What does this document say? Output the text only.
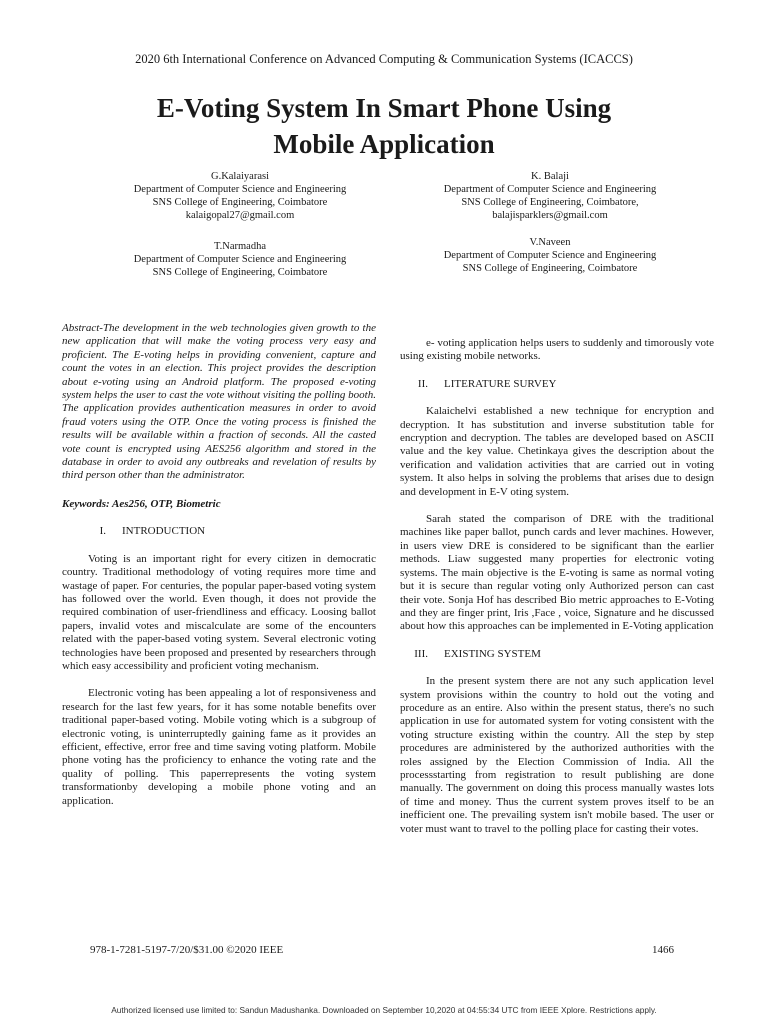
2020 6th International Conference on Advanced Computing & Communication Systems (ICACCS)
E-Voting System In Smart Phone Using
Mobile Application
G.Kalaiyarasi
Department of Computer Science and Engineering
SNS College of Engineering, Coimbatore
kalaigopal27@gmail.com
K. Balaji
Department of Computer Science and Engineering
SNS College of Engineering, Coimbatore,
balajisparklers@gmail.com
T.Narmadha
Department of Computer Science and Engineering
SNS College of Engineering, Coimbatore
V.Naveen
Department of Computer Science and Engineering
SNS College of Engineering, Coimbatore

Abstract-The development in the web technologies given growth to the new application that will make the voting process very easy and proficient. The E-voting helps in providing convenient, capture and count the votes in an election. This project provides the description about e-voting using an Android platform. The proposed e-voting system helps the user to cast the vote without visiting the polling booth. The application provides authentication measures in order to avoid fraud voters using the OTP. Once the voting process is finished the results will be available within a fraction of seconds. All the casted vote count is encrypted using AES256 algorithm and stored in the database in order to avoid any outbreaks and revelation of results by third person other than the administrator.

Keywords: Aes256, OTP, Biometric

I.	INTRODUCTION

Voting is an important right for every citizen in democratic country. Traditional methodology of voting requires more time and wastage of paper. For centuries, the popular paper-based voting system has followed over the world. Even though, it does not provide the required combination of user-friendliness and efficacy. Loosing ballot papers, invalid votes and miscalculate are some of the encounters related with the paper-based voting system. Several electronic voting technologies have been proposed and presented by researchers through which easy accessibility and proficient voting mechanism.

Electronic voting has been appealing a lot of responsiveness and research for the last few years, for it has some notable benefits over traditional paper-based voting. Mobile voting which is a subgroup of electronic voting, is uninterruptedly gaining fame as it provides an efficient, effective, error free and time saving voting platform. Mobile phone voting has the proficiency to enhance the voting rate and the quality of polling. This paperrepresents the voting system transformationby developing a mobile phone voting and an application.

e- voting application helps users to suddenly and timorously vote using existing mobile networks.

II.	LITERATURE SURVEY

Kalaichelvi established a new technique for encryption and decryption. It has substitution and inverse substitution table for encryption and decryption. The tables are developed based on ASCII value and the key value. Chetinkaya gives the description about the verification and validation activities that are carried out in voting system. It also helps in solving the problems that arises due to design and development in E-V oting system.

Sarah stated the comparison of DRE with the traditional machines like paper ballot, punch cards and lever machines. However, in users view DRE is considered to be significant than the earlier methods. Liaw suggested many properties for electronic voting systems. The main objective is the E-voting is same as normal voting but it is secure than regular voting only Authorized person can cast their vote. Sonja Hof has described Bio metric approaches to E-Voting and they are finger print, Iris ,Face , voice, Signature and he discussed about how this approaches can be implemented in E-Voting application

III.	EXISTING SYSTEM

In the present system there are not any such application level system provisions within the country to hold out the voting and procedure as an entire. Also within the present status, there's no such application in use for automated system for voting consistent with the voting structure existing within the country. All the step by step procedures are administered by the authorized authorities with the roles assigned by the Election Commission of India. All the processstarting from registration to result publishing are done manually. The government on doing this process manually wastes lots of time and money. Thus the current system proves itself to be an inefficient one. The prevailing system isn't mobile based. The user or voter must want to travel to the polling place for casting their votes.

978-1-7281-5197-7/20/$31.00 ©2020 IEEE	1466
Authorized licensed use limited to: Sandun Madushanka. Downloaded on September 10,2020 at 04:55:34 UTC from IEEE Xplore. Restrictions apply.
